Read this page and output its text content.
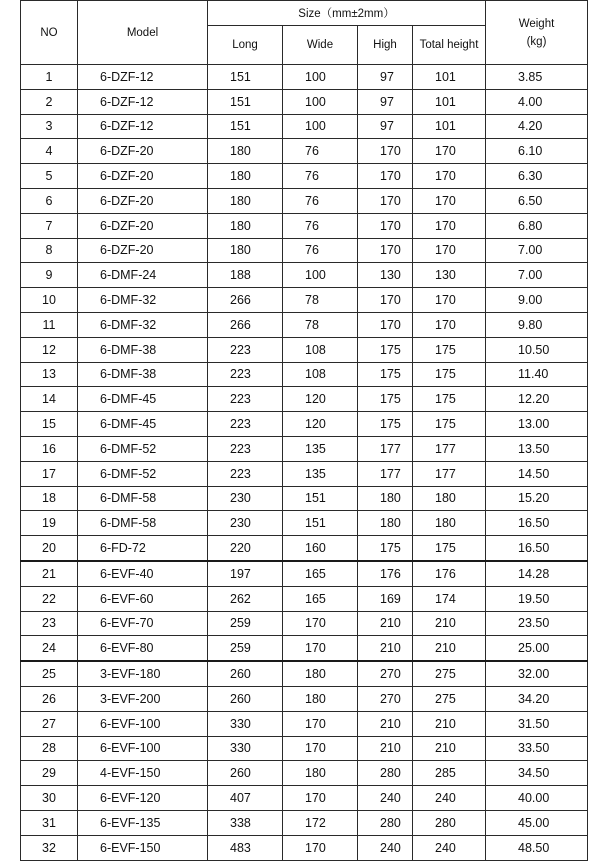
NO	Model	Size（mm±2mm）				Weight
(kg)

		Long	Wide	High	Total height	
1	6-DZF-12	151	100	97	101	3.85
2	6-DZF-12	151	100	97	101	4.00
3	6-DZF-12	151	100	97	101	4.20
4	6-DZF-20	180	76	170	170	6.10
5	6-DZF-20	180	76	170	170	6.30
6	6-DZF-20	180	76	170	170	6.50
7	6-DZF-20	180	76	170	170	6.80
8	6-DZF-20	180	76	170	170	7.00
9	6-DMF-24	188	100	130	130	7.00
10	6-DMF-32	266	78	170	170	9.00
11	6-DMF-32	266	78	170	170	9.80
12	6-DMF-38	223	108	175	175	10.50
13	6-DMF-38	223	108	175	175	11.40
14	6-DMF-45	223	120	175	175	12.20
15	6-DMF-45	223	120	175	175	13.00
16	6-DMF-52	223	135	177	177	13.50
17	6-DMF-52	223	135	177	177	14.50
18	6-DMF-58	230	151	180	180	15.20
19	6-DMF-58	230	151	180	180	16.50
20	6-FD-72	220	160	175	175	16.50
21	6-EVF-40	197	165	176	176	14.28
22	6-EVF-60	262	165	169	174	19.50
23	6-EVF-70	259	170	210	210	23.50
24	6-EVF-80	259	170	210	210	25.00
25	3-EVF-180	260	180	270	275	32.00
26	3-EVF-200	260	180	270	275	34.20
27	6-EVF-100	330	170	210	210	31.50
28	6-EVF-100	330	170	210	210	33.50
29	4-EVF-150	260	180	280	285	34.50
30	6-EVF-120	407	170	240	240	40.00
31	6-EVF-135	338	172	280	280	45.00
32	6-EVF-150	483	170	240	240	48.50
